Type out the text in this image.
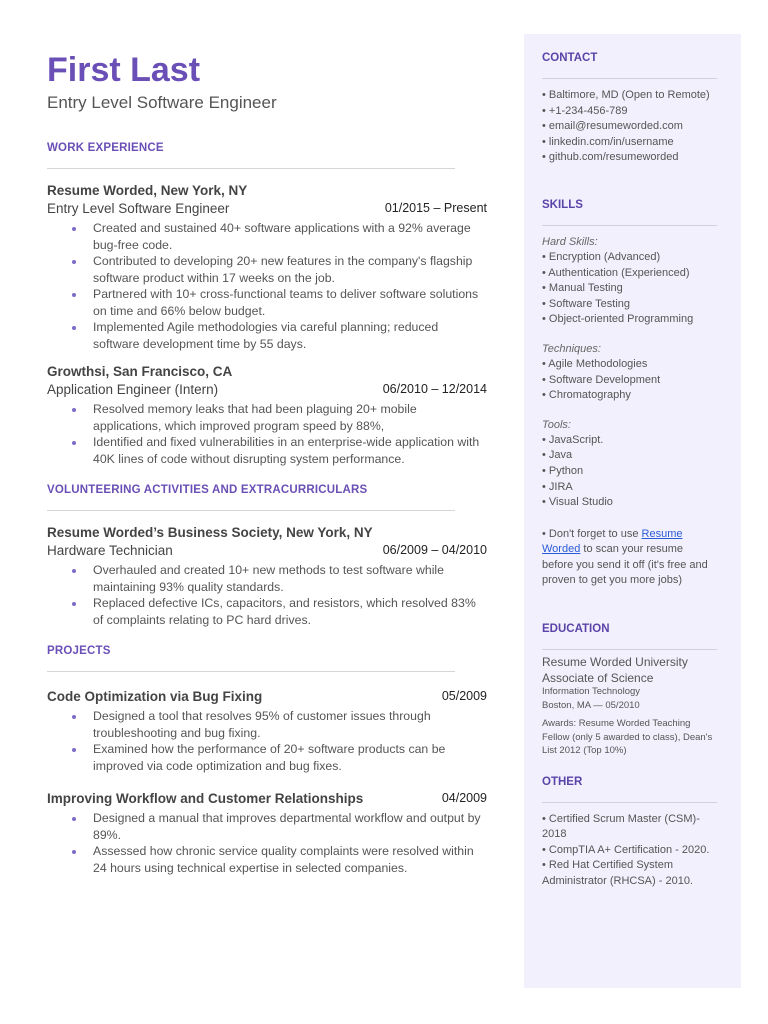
First Last
Entry Level Software Engineer
WORK EXPERIENCE
Resume Worded, New York, NY
Entry Level Software Engineer	01/2015 – Present
Created and sustained 40+ software applications with a 92% average bug-free code.
Contributed to developing 20+ new features in the company's flagship software product within 17 weeks on the job.
Partnered with 10+ cross-functional teams to deliver software solutions on time and 66% below budget.
Implemented Agile methodologies via careful planning; reduced software development time by 55 days.
Growthsi, San Francisco, CA
Application Engineer (Intern)	06/2010 – 12/2014
Resolved memory leaks that had been plaguing 20+ mobile applications, which improved program speed by 88%,
Identified and fixed vulnerabilities in an enterprise-wide application with 40K lines of code without disrupting system performance.
VOLUNTEERING ACTIVITIES AND EXTRACURRICULARS
Resume Worded’s Business Society, New York, NY
Hardware Technician	06/2009 – 04/2010
Overhauled and created 10+ new methods to test software while maintaining 93% quality standards.
Replaced defective ICs, capacitors, and resistors, which resolved 83% of complaints relating to PC hard drives.
PROJECTS
Code Optimization via Bug Fixing	05/2009
Designed a tool that resolves 95% of customer issues through troubleshooting and bug fixing.
Examined how the performance of 20+ software products can be improved via code optimization and bug fixes.
Improving Workflow and Customer Relationships	04/2009
Designed a manual that improves departmental workflow and output by 89%.
Assessed how chronic service quality complaints were resolved within 24 hours using technical expertise in selected companies.
CONTACT
• Baltimore, MD (Open to Remote)
• +1-234-456-789
• email@resumeworded.com
• linkedin.com/in/username
• github.com/resumeworded
SKILLS
Hard Skills:
• Encryption (Advanced)
• Authentication (Experienced)
• Manual Testing
• Software Testing
• Object-oriented Programming
Techniques:
• Agile Methodologies
• Software Development
• Chromatography
Tools:
• JavaScript.
• Java
• Python
• JIRA
• Visual Studio
• Don't forget to use Resume Worded to scan your resume before you send it off (it's free and proven to get you more jobs)
EDUCATION
Resume Worded University
Associate of Science
Information Technology
Boston, MA — 05/2010
Awards: Resume Worded Teaching Fellow (only 5 awarded to class), Dean's List 2012 (Top 10%)
OTHER
• Certified Scrum Master (CSM)- 2018
• CompTIA A+ Certification - 2020.
• Red Hat Certified System Administrator (RHCSA) - 2010.
